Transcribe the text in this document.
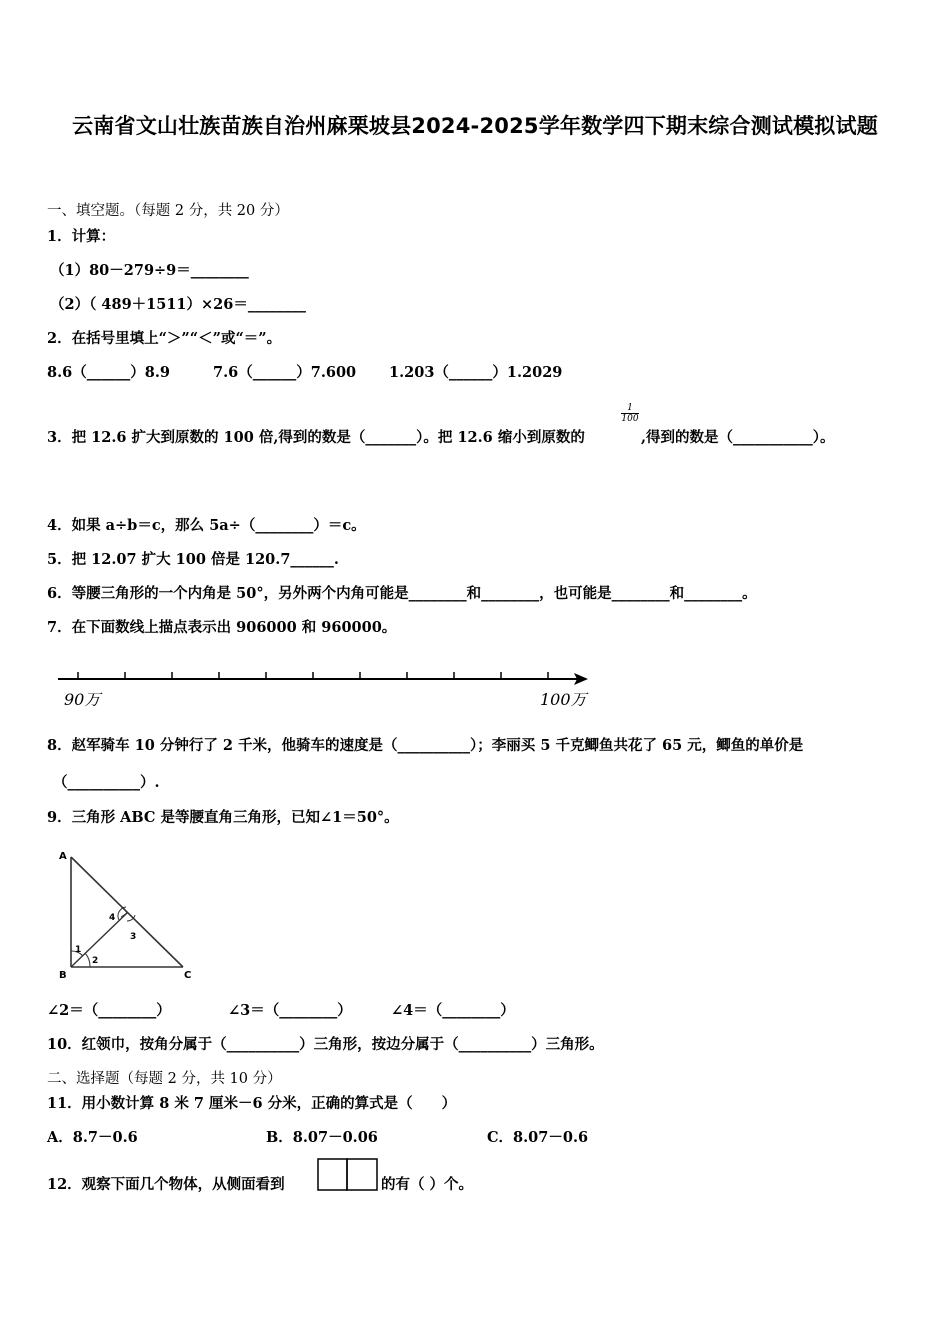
云南省文山壮族苗族自治州麻栗坡县2024-2025学年数学四下期末综合测试模拟试题
一、填空题。（每题 2 分，共 20 分）
1．计算：
（1）80－279÷9＝________
（2）（ 489＋1511）×26＝________
2．在括号里填上“＞”“＜”或“＝”。
8.6（______）8.9	7.6（______）7.600 1.203（______）1.2029
3．把 12.6 扩大到原数的 100 倍,得到的数是（_______）。把 12.6 缩小到原数的
1
100
,得到的数是（___________）。
4．如果 a÷b＝c，那么 5a÷（________）＝c。
5．把 12.07 扩大 100 倍是 120.7______.
6．等腰三角形的一个内角是 50°，另外两个内角可能是________和________，也可能是________和________。
7．在下面数线上描点表示出 906000 和 960000。
90万	100万
8．赵军骑车 10 分钟行了 2 千米，他骑车的速度是（__________）；李丽买 5 千克鲫鱼共花了 65 元，鲫鱼的单价是
（__________）.
9．三角形 ABC 是等腰直角三角形，已知∠1＝50°。
A
B	C
1
2
3
4
∠2＝（________）	∠3＝（________）	∠4＝（________）
10．红领巾，按角分属于（__________）三角形，按边分属于（__________）三角形。
二、选择题（每题 2 分，共 10 分）
11．用小数计算 8 米 7 厘米－6 分米，正确的算式是（　　）
A．8.7－0.6	B．8.07－0.06	C．8.07－0.6
12．观察下面几个物体，从侧面看到	的有（ ）个。
